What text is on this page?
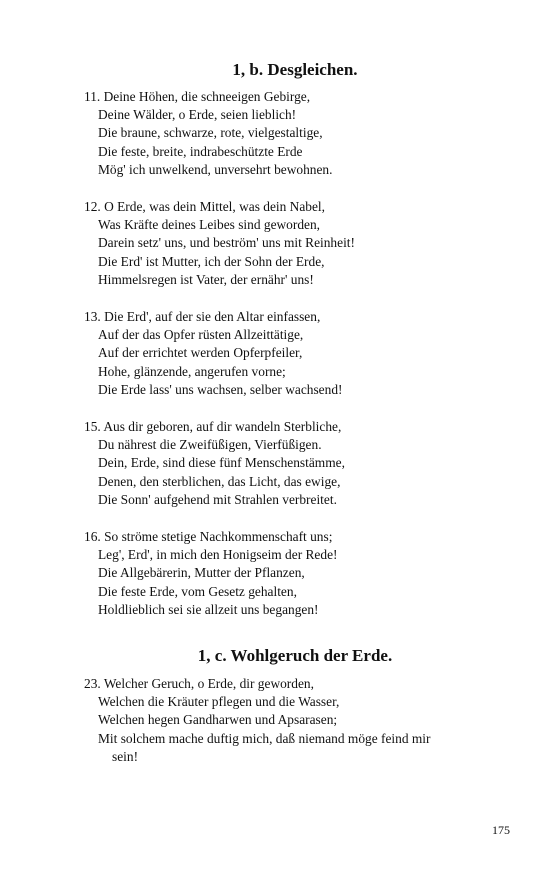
1, b. Desgleichen.
11. Deine Höhen, die schneeigen Gebirge,
Deine Wälder, o Erde, seien lieblich!
Die braune, schwarze, rote, vielgestaltige,
Die feste, breite, indrabeschützte Erde
Mög' ich unwelkend, unversehrt bewohnen.
12. O Erde, was dein Mittel, was dein Nabel,
Was Kräfte deines Leibes sind geworden,
Darein setz' uns, und beström' uns mit Reinheit!
Die Erd' ist Mutter, ich der Sohn der Erde,
Himmelsregen ist Vater, der ernähr' uns!
13. Die Erd', auf der sie den Altar einfassen,
Auf der das Opfer rüsten Allzeittätige,
Auf der errichtet werden Opferpfeiler,
Hohe, glänzende, angerufen vorne;
Die Erde lass' uns wachsen, selber wachsend!
15. Aus dir geboren, auf dir wandeln Sterbliche,
Du nährest die Zweifüßigen, Vierfüßigen.
Dein, Erde, sind diese fünf Menschenstämme,
Denen, den sterblichen, das Licht, das ewige,
Die Sonn' aufgehend mit Strahlen verbreitet.
16. So ströme stetige Nachkommenschaft uns;
Leg', Erd', in mich den Honigseim der Rede!
Die Allgebärerin, Mutter der Pflanzen,
Die feste Erde, vom Gesetz gehalten,
Holdlieblich sei sie allzeit uns begangen!
1, c. Wohlgeruch der Erde.
23. Welcher Geruch, o Erde, dir geworden,
Welchen die Kräuter pflegen und die Wasser,
Welchen hegen Gandharwen und Apsarasen;
Mit solchem mache duftig mich, daß niemand möge feind mir
sein!

175
